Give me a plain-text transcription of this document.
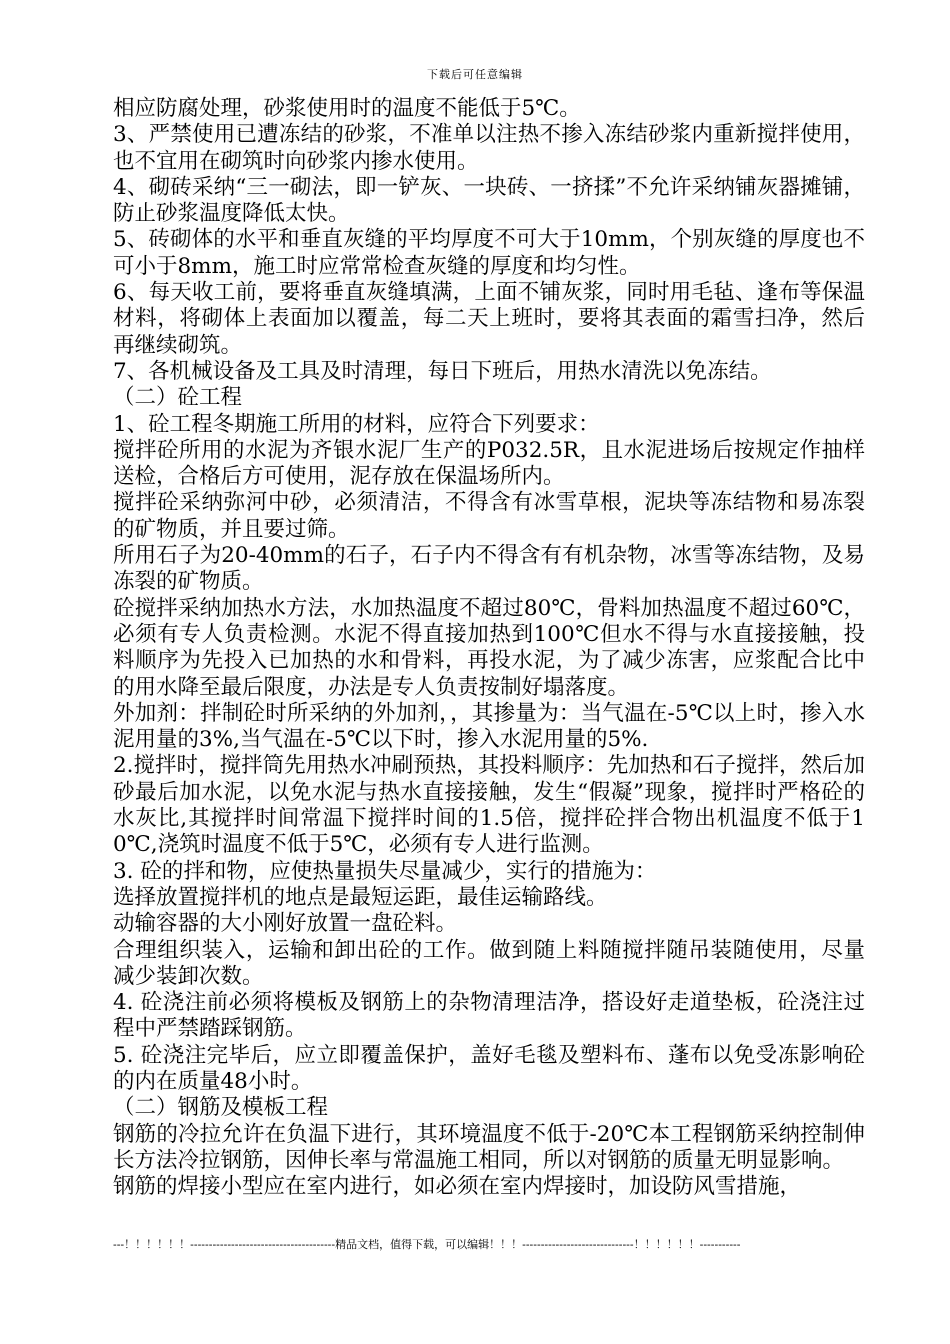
下载后可任意编辑

相应防腐处理，砂浆使用时的温度不能低于5℃。

3、严禁使用已遭冻结的砂浆，不准单以注热不掺入冻结砂浆内重新搅拌使用，也不宜用在砌筑时向砂浆内掺水使用。

4、砌砖采纳“三一砌法，即一铲灰、一块砖、一挤揉”不允许采纳铺灰器摊铺，防止砂浆温度降低太快。

5、砖砌体的水平和垂直灰缝的平均厚度不可大于10mm，个别灰缝的厚度也不可小于8mm，施工时应常常检查灰缝的厚度和均匀性。

6、每天收工前，要将垂直灰缝填满，上面不铺灰浆，同时用毛毡、逢布等保温材料，将砌体上表面加以覆盖，每二天上班时，要将其表面的霜雪扫净，然后再继续砌筑。

7、各机械设备及工具及时清理，每日下班后，用热水清洗以免冻结。

（二）砼工程

1、砼工程冬期施工所用的材料，应符合下列要求：

搅拌砼所用的水泥为齐银水泥厂生产的P032.5R，且水泥进场后按规定作抽样送检，合格后方可使用，泥存放在保温场所内。

搅拌砼采纳弥河中砂，必须清洁，不得含有冰雪草根，泥块等冻结物和易冻裂的矿物质，并且要过筛。

所用石子为20-40mm的石子，石子内不得含有有机杂物，冰雪等冻结物，及易冻裂的矿物质。

砼搅拌采纳加热水方法，水加热温度不超过80℃，骨料加热温度不超过60℃，必须有专人负责检测。水泥不得直接加热到100℃但水不得与水直接接触，投料顺序为先投入已加热的水和骨料，再投水泥，为了减少冻害，应浆配合比中的用水降至最后限度，办法是专人负责按制好塌落度。

外加剂：拌制砼时所采纳的外加剂，，其掺量为：当气温在-5℃以上时，掺入水泥用量的3%,当气温在-5℃以下时，掺入水泥用量的5%.

2.搅拌时，搅拌筒先用热水冲刷预热，其投料顺序：先加热和石子搅拌，然后加砂最后加水泥，以免水泥与热水直接接触，发生“假凝”现象，搅拌时严格砼的水灰比,其搅拌时间常温下搅拌时间的1.5倍，搅拌砼拌合物出机温度不低于10℃,浇筑时温度不低于5℃，必须有专人进行监测。

3. 砼的拌和物，应使热量损失尽量减少，实行的措施为：

选择放置搅拌机的地点是最短运距，最佳运输路线。

动输容器的大小刚好放置一盘砼料。

合理组织装入，运输和卸出砼的工作。做到随上料随搅拌随吊装随使用，尽量减少装卸次数。

4. 砼浇注前必须将模板及钢筋上的杂物清理洁净，搭设好走道垫板，砼浇注过程中严禁踏踩钢筋。

5. 砼浇注完毕后，应立即覆盖保护，盖好毛毯及塑料布、蓬布以免受冻影响砼的内在质量48小时。

（二）钢筋及模板工程

钢筋的冷拉允许在负温下进行，其环境温度不低于-20℃本工程钢筋采纳控制伸长方法冷拉钢筋，因伸长率与常温施工相同，所以对钢筋的质量无明显影响。

钢筋的焊接小型应在室内进行，如必须在室内焊接时，加设防风雪措施，

---！！！！！！---------------------------------------精品文档，值得下载，可以编辑！！！------------------------------！！！！！！-----------
